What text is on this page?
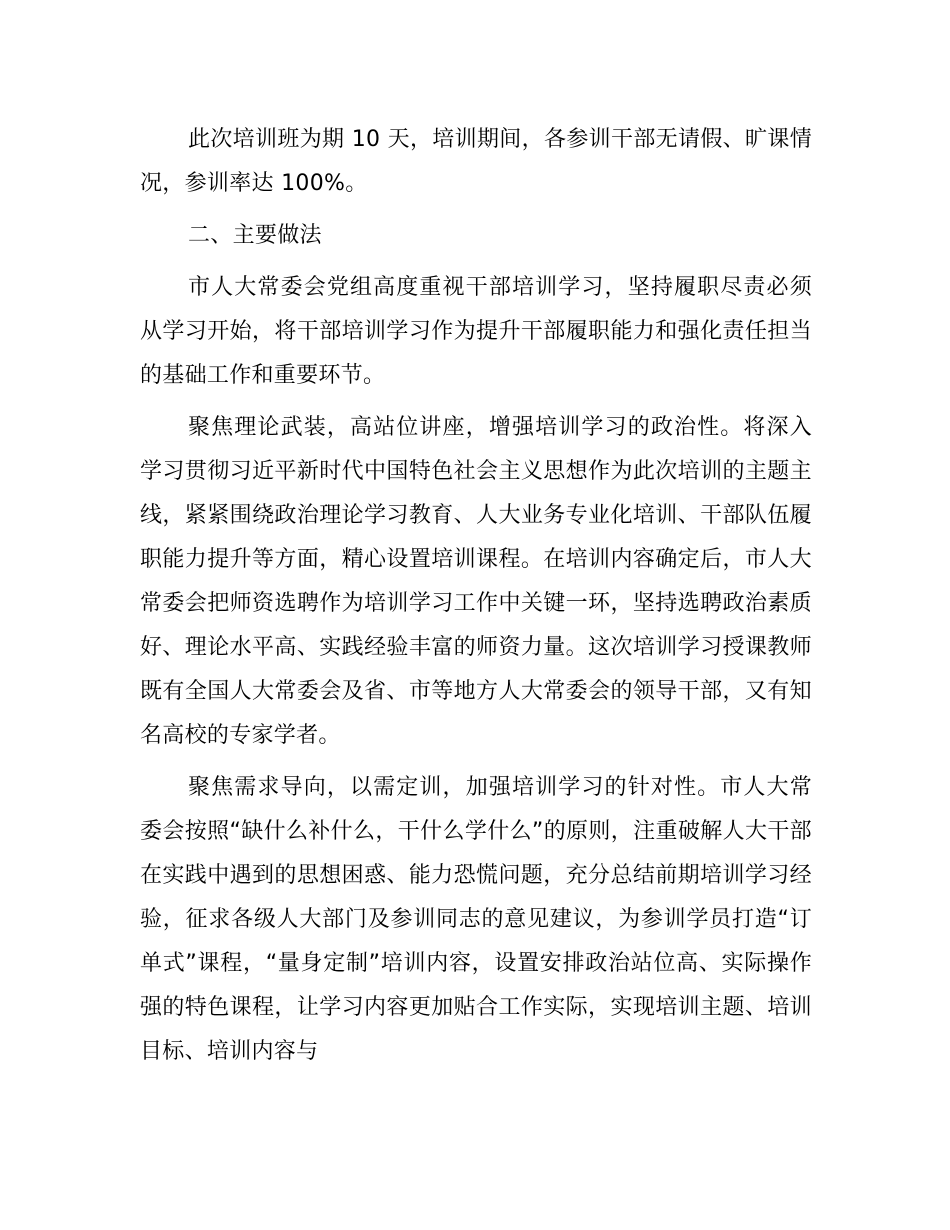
此次培训班为期 10 天，培训期间，各参训干部无请假、旷课情况，参训率达 100%。

二、主要做法

市人大常委会党组高度重视干部培训学习，坚持履职尽责必须从学习开始，将干部培训学习作为提升干部履职能力和强化责任担当的基础工作和重要环节。

聚焦理论武装，高站位讲座，增强培训学习的政治性。将深入学习贯彻习近平新时代中国特色社会主义思想作为此次培训的主题主线，紧紧围绕政治理论学习教育、人大业务专业化培训、干部队伍履职能力提升等方面，精心设置培训课程。在培训内容确定后，市人大常委会把师资选聘作为培训学习工作中关键一环，坚持选聘政治素质好、理论水平高、实践经验丰富的师资力量。这次培训学习授课教师既有全国人大常委会及省、市等地方人大常委会的领导干部，又有知名高校的专家学者。

聚焦需求导向，以需定训，加强培训学习的针对性。市人大常委会按照“缺什么补什么，干什么学什么”的原则，注重破解人大干部在实践中遇到的思想困惑、能力恐慌问题，充分总结前期培训学习经验，征求各级人大部门及参训同志的意见建议，为参训学员打造“订单式”课程，“量身定制”培训内容，设置安排政治站位高、实际操作强的特色课程，让学习内容更加贴合工作实际，实现培训主题、培训目标、培训内容与
